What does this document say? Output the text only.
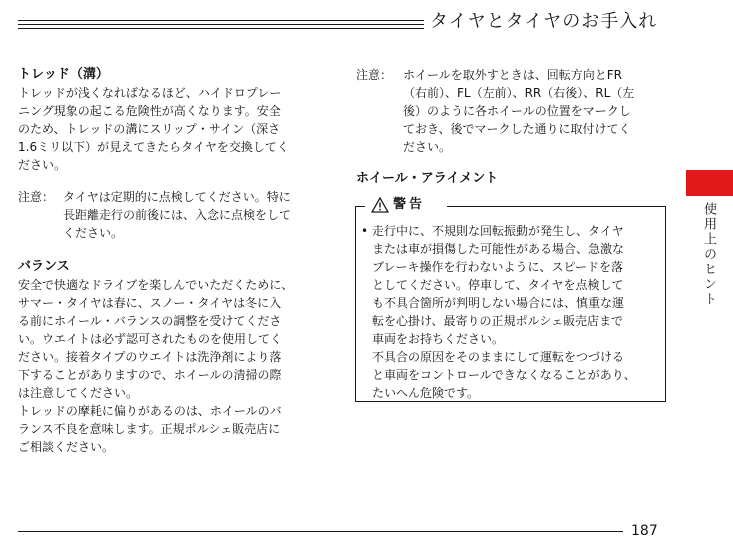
タイヤとタイヤのお手入れ
トレッド（溝）
トレッドが浅くなればなるほど、ハイドロプレー
ニング現象の起こる危険性が高くなります。安全
のため、トレッドの溝にスリップ・サイン（深さ
1.6ミリ以下）が見えてきたらタイヤを交換してく
ださい。
注意： タイヤは定期的に点検してください。特に
長距離走行の前後には、入念に点検をして
ください。
バランス
安全で快適なドライブを楽しんでいただくために、
サマー・タイヤは春に、スノー・タイヤは冬に入
る前にホイール・バランスの調整を受けてくださ
い。ウエイトは必ず認可されたものを使用してく
ださい。接着タイプのウエイトは洗浄剤により落
下することがありますので、ホイールの清掃の際
は注意してください。
トレッドの摩耗に偏りがあるのは、ホイールのバ
ランス不良を意味します。正規ポルシェ販売店に
ご相談ください。
注意： ホイールを取外すときは、回転方向とFR
（右前）、FL（左前）、RR（右後）、RL（左
後）のように各ホイールの位置をマークし
ておき、後でマークした通りに取付けてく
ださい。
ホイール・アライメント
警告
• 走行中に、不規則な回転振動が発生し、タイヤ
または車が損傷した可能性がある場合、急激な
ブレーキ操作を行わないように、スピードを落
としてください。停車して、タイヤを点検して
も不具合箇所が判明しない場合には、慎重な運
転を心掛け、最寄りの正規ポルシェ販売店まで
車両をお持ちください。
不具合の原因をそのままにして運転をつづける
と車両をコントロールできなくなることがあり、
たいへん危険です。
使用上のヒント
187
